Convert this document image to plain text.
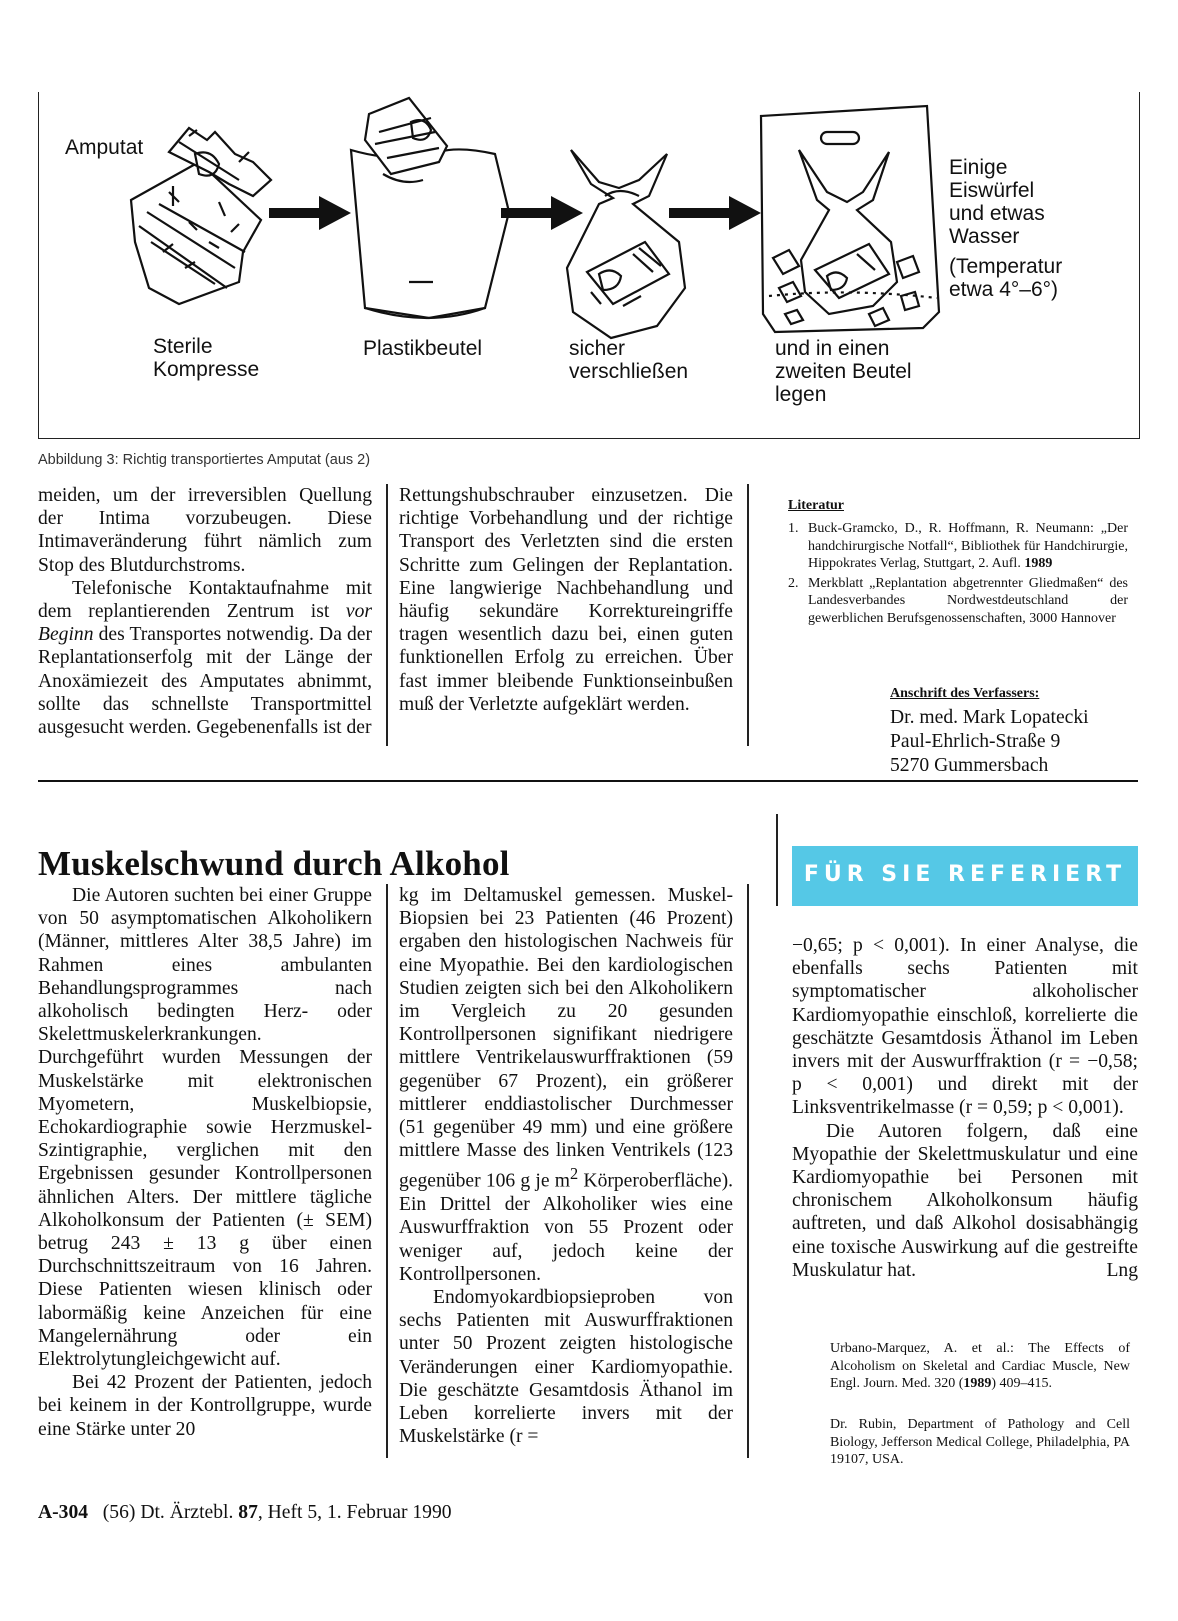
Amputat
Sterile
Kompresse
Plastikbeutel	sicher
verschließen
und in einen
zweiten Beutel
legen
Einige
Eiswürfel
und etwas
Wasser
(Temperatur
etwa 4°–6°)
Abbildung 3: Richtig transportiertes Amputat (aus 2)

meiden, um der irreversiblen Quellung der Intima vorzubeugen. Diese Intimaveränderung führt nämlich zum Stop des Blutdurchstroms.

Telefonische Kontaktaufnahme mit dem replantierenden Zentrum ist vor Beginn des Transportes notwendig. Da der Replantationserfolg mit der Länge der Anoxämiezeit des Amputates abnimmt, sollte das schnellste Transportmittel ausgesucht werden. Gegebenenfalls ist der

Rettungshubschrauber einzusetzen. Die richtige Vorbehandlung und der richtige Transport des Verletzten sind die ersten Schritte zum Gelingen der Replantation. Eine langwierige Nachbehandlung und häufig sekundäre Korrektureingriffe tragen wesentlich dazu bei, einen guten funktionellen Erfolg zu erreichen. Über fast immer bleibende Funktionseinbußen muß der Verletzte aufgeklärt werden.

Literatur
1. Buck-Gramcko, D., R. Hoffmann, R. Neumann: „Der handchirurgische Notfall“, Bibliothek für Handchirurgie, Hippokrates Verlag, Stuttgart, 2. Aufl. 1989
2. Merkblatt „Replantation abgetrennter Gliedmaßen“ des Landesverbandes Nordwestdeutschland der gewerblichen Berufsgenossenschaften, 3000 Hannover
Anschrift des Verfassers:
Dr. med. Mark Lopatecki
Paul-Ehrlich-Straße 9
5270 Gummersbach
Muskelschwund durch Alkohol	FÜR SIE REFERIERT

Die Autoren suchten bei einer Gruppe von 50 asymptomatischen Alkoholikern (Männer, mittleres Alter 38,5 Jahre) im Rahmen eines ambulanten Behandlungsprogrammes nach alkoholisch bedingten Herz- oder Skelettmuskelerkrankungen. Durchgeführt wurden Messungen der Muskelstärke mit elektronischen Myometern, Muskelbiopsie, Echokardiographie sowie Herzmuskel-Szintigraphie, verglichen mit den Ergebnissen gesunder Kontrollpersonen ähnlichen Alters. Der mittlere tägliche Alkoholkonsum der Patienten (± SEM) betrug 243 ± 13 g über einen Durchschnittszeitraum von 16 Jahren. Diese Patienten wiesen klinisch oder labormäßig keine Anzeichen für eine Mangelernährung oder ein Elektrolytungleichgewicht auf.

Bei 42 Prozent der Patienten, jedoch bei keinem in der Kontrollgruppe, wurde eine Stärke unter 20

kg im Deltamuskel gemessen. Muskel-Biopsien bei 23 Patienten (46 Prozent) ergaben den histologischen Nachweis für eine Myopathie. Bei den kardiologischen Studien zeigten sich bei den Alkoholikern im Vergleich zu 20 gesunden Kontrollpersonen signifikant niedrigere mittlere Ventrikelauswurffraktionen (59 gegenüber 67 Prozent), ein größerer mittlerer enddiastolischer Durchmesser (51 gegenüber 49 mm) und eine größere mittlere Masse des linken Ventrikels (123 gegenüber 106 g je $m^2$ Körperoberfläche). Ein Drittel der Alkoholiker wies eine Auswurffraktion von 55 Prozent oder weniger auf, jedoch keine der Kontrollpersonen.

Endomyokardbiopsieproben von sechs Patienten mit Auswurffraktionen unter 50 Prozent zeigten histologische Veränderungen einer Kardiomyopathie. Die geschätzte Gesamtdosis Äthanol im Leben korrelierte invers mit der Muskelstärke (r =

−0,65; p < 0,001). In einer Analyse, die ebenfalls sechs Patienten mit symptomatischer alkoholischer Kardiomyopathie einschloß, korrelierte die geschätzte Gesamtdosis Äthanol im Leben invers mit der Auswurffraktion (r = −0,58; p < 0,001) und direkt mit der Linksventrikelmasse (r = 0,59; p < 0,001).

Die Autoren folgern, daß eine Myopathie der Skelettmuskulatur und eine Kardiomyopathie bei Personen mit chronischem Alkoholkonsum häufig auftreten, und daß Alkohol dosisabhängig eine toxische Auswirkung auf die gestreifte Muskulatur hat.	Lng

Urbano-Marquez, A. et al.: The Effects of Alcoholism on Skeletal and Cardiac Muscle, New Engl. Journ. Med. 320 (1989) 409–415.
Dr. Rubin, Department of Pathology and Cell Biology, Jefferson Medical College, Philadelphia, PA 19107, USA.
A-304 (56) Dt. Ärztebl. 87, Heft 5, 1. Februar 1990
